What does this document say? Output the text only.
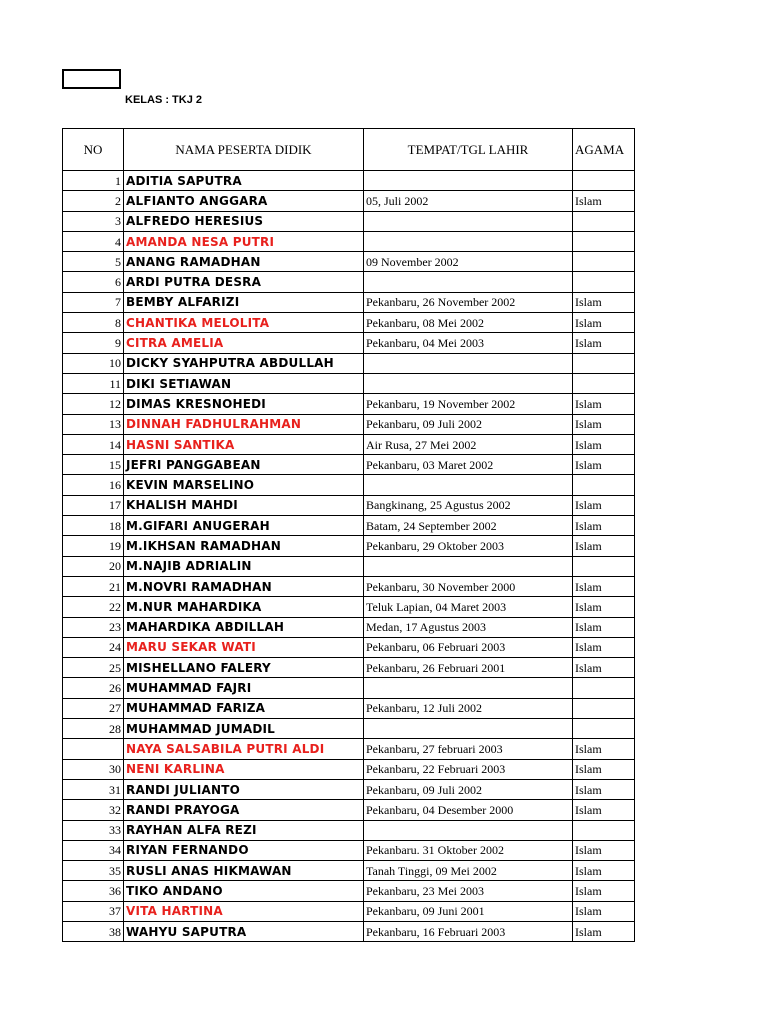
KELAS : TKJ 2
NO	NAMA PESERTA DIDIK	TEMPAT/TGL LAHIR	AGAMA
1	ADITIA SAPUTRA		
2	ALFIANTO ANGGARA	05, Juli 2002	Islam
3	ALFREDO HERESIUS		
4	AMANDA NESA PUTRI		
5	ANANG RAMADHAN	09 November 2002	
6	ARDI PUTRA DESRA		
7	BEMBY ALFARIZI	Pekanbaru, 26 November 2002	Islam
8	CHANTIKA MELOLITA	Pekanbaru, 08 Mei 2002	Islam
9	CITRA AMELIA	Pekanbaru, 04 Mei 2003	Islam
10	DICKY SYAHPUTRA ABDULLAH		
11	DIKI SETIAWAN		
12	DIMAS KRESNOHEDI	Pekanbaru, 19 November 2002	Islam
13	DINNAH FADHULRAHMAN	Pekanbaru, 09 Juli 2002	Islam
14	HASNI SANTIKA	Air Rusa, 27 Mei 2002	Islam
15	JEFRI PANGGABEAN	Pekanbaru, 03 Maret 2002	Islam
16	KEVIN MARSELINO		
17	KHALISH MAHDI	Bangkinang, 25 Agustus 2002	Islam
18	M.GIFARI ANUGERAH	Batam, 24 September 2002	Islam
19	M.IKHSAN RAMADHAN	Pekanbaru, 29 Oktober 2003	Islam
20	M.NAJIB ADRIALIN		
21	M.NOVRI RAMADHAN	Pekanbaru, 30 November 2000	Islam
22	M.NUR MAHARDIKA	Teluk Lapian, 04 Maret 2003	Islam
23	MAHARDIKA ABDILLAH	Medan, 17 Agustus 2003	Islam
24	MARU SEKAR WATI	Pekanbaru, 06 Februari 2003	Islam
25	MISHELLANO FALERY	Pekanbaru, 26 Februari 2001	Islam
26	MUHAMMAD FAJRI		
27	MUHAMMAD FARIZA	Pekanbaru, 12 Juli 2002	
28	MUHAMMAD JUMADIL		
	NAYA SALSABILA PUTRI ALDI	Pekanbaru, 27 februari 2003	Islam
30	NENI KARLINA	Pekanbaru, 22 Februari 2003	Islam
31	RANDI JULIANTO	Pekanbaru, 09 Juli 2002	Islam
32	RANDI PRAYOGA	Pekanbaru, 04 Desember 2000	Islam
33	RAYHAN ALFA REZI		
34	RIYAN FERNANDO	Pekanbaru. 31 Oktober 2002	Islam
35	RUSLI ANAS HIKMAWAN	Tanah Tinggi, 09 Mei 2002	Islam
36	TIKO ANDANO	Pekanbaru, 23 Mei 2003	Islam
37	VITA HARTINA	Pekanbaru, 09 Juni 2001	Islam
38	WAHYU SAPUTRA	Pekanbaru, 16 Februari 2003	Islam
